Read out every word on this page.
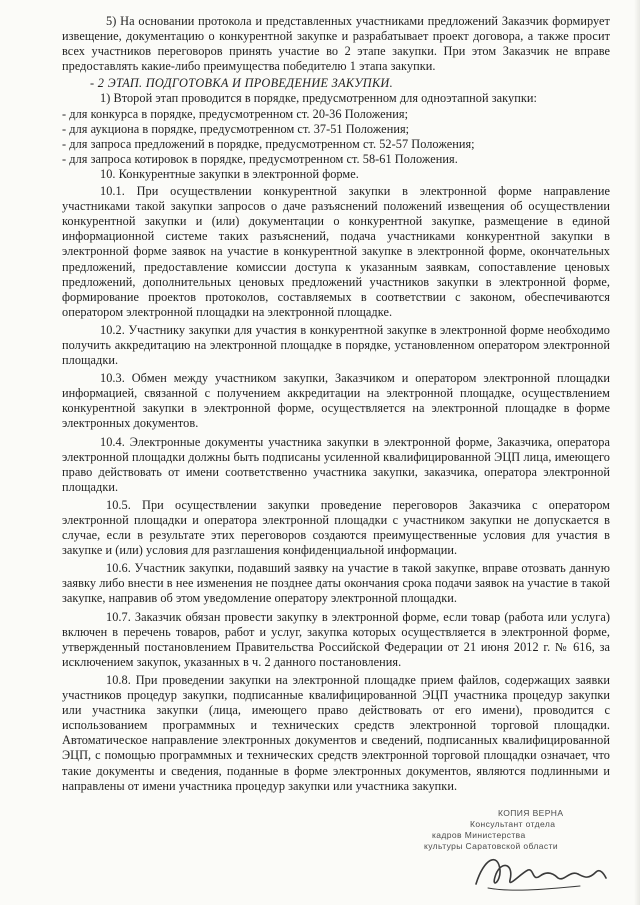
5) На основании протокола и представленных участниками предложений Заказчик формирует извещение, документацию о конкурентной закупке и разрабатывает проект договора, а также просит всех участников переговоров принять участие во 2 этапе закупки. При этом Заказчик не вправе предоставлять какие-либо преимущества победителю 1 этапа закупки.

- 2 ЭТАП. ПОДГОТОВКА И ПРОВЕДЕНИЕ ЗАКУПКИ.

1) Второй этап проводится в порядке, предусмотренном для одноэтапной закупки:

- для конкурса в порядке, предусмотренном ст. 20-36 Положения;

- для аукциона в порядке, предусмотренном ст. 37-51 Положения;

- для запроса предложений в порядке, предусмотренном ст. 52-57 Положения;

- для запроса котировок в порядке, предусмотренном ст. 58-61 Положения.

10. Конкурентные закупки в электронной форме.

10.1. При осуществлении конкурентной закупки в электронной форме направление участниками такой закупки запросов о даче разъяснений положений извещения об осуществлении конкурентной закупки и (или) документации о конкурентной закупке, размещение в единой информационной системе таких разъяснений, подача участниками конкурентной закупки в электронной форме заявок на участие в конкурентной закупке в электронной форме, окончательных предложений, предоставление комиссии доступа к указанным заявкам, сопоставление ценовых предложений, дополнительных ценовых предложений участников закупки в электронной форме, формирование проектов протоколов, составляемых в соответствии с законом, обеспечиваются оператором электронной площадки на электронной площадке.

10.2. Участнику закупки для участия в конкурентной закупке в электронной форме необходимо получить аккредитацию на электронной площадке в порядке, установленном оператором электронной площадки.

10.3. Обмен между участником закупки, Заказчиком и оператором электронной площадки информацией, связанной с получением аккредитации на электронной площадке, осуществлением конкурентной закупки в электронной форме, осуществляется на электронной площадке в форме электронных документов.

10.4. Электронные документы участника закупки в электронной форме, Заказчика, оператора электронной площадки должны быть подписаны усиленной квалифицированной ЭЦП лица, имеющего право действовать от имени соответственно участника закупки, заказчика, оператора электронной площадки.

10.5. При осуществлении закупки проведение переговоров Заказчика с оператором электронной площадки и оператора электронной площадки с участником закупки не допускается в случае, если в результате этих переговоров создаются преимущественные условия для участия в закупке и (или) условия для разглашения конфиденциальной информации.

10.6. Участник закупки, подавший заявку на участие в такой закупке, вправе отозвать данную заявку либо внести в нее изменения не позднее даты окончания срока подачи заявок на участие в такой закупке, направив об этом уведомление оператору электронной площадки.

10.7. Заказчик обязан провести закупку в электронной форме, если товар (работа или услуга) включен в перечень товаров, работ и услуг, закупка которых осуществляется в электронной форме, утвержденный постановлением Правительства Российской Федерации от 21 июня 2012 г. № 616, за исключением закупок, указанных в ч. 2 данного постановления.

10.8. При проведении закупки на электронной площадке прием файлов, содержащих заявки участников процедур закупки, подписанные квалифицированной ЭЦП участника процедур закупки или участника закупки (лица, имеющего право действовать от его имени), проводится с использованием программных и технических средств электронной торговой площадки. Автоматическое направление электронных документов и сведений, подписанных квалифицированной ЭЦП, с помощью программных и технических средств электронной торговой площадки означает, что такие документы и сведения, поданные в форме электронных документов, являются подлинными и направлены от имени участника процедур закупки или участника закупки.

КОПИЯ ВЕРНА
Консультант отдела
кадров Министерства
культуры Саратовской области
